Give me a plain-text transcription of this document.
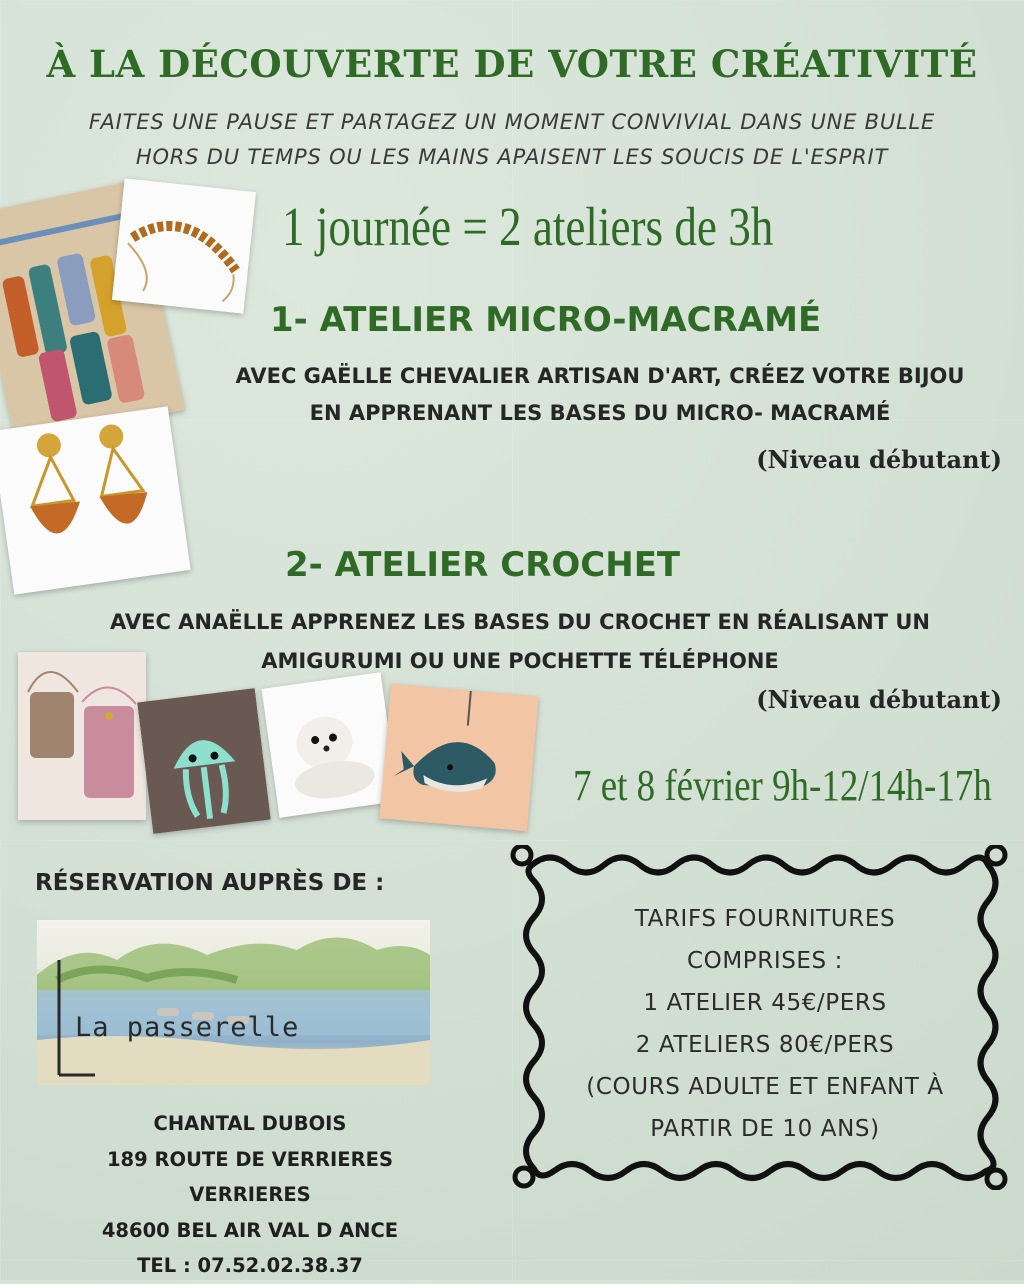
À LA DÉCOUVERTE DE VOTRE CRÉATIVITÉ
FAITES UNE PAUSE ET PARTAGEZ UN MOMENT CONVIVIAL DANS UNE BULLE
HORS DU TEMPS OU LES MAINS APAISENT LES SOUCIS DE L'ESPRIT
1 journée = 2 ateliers de 3h
1- ATELIER MICRO-MACRAMÉ
AVEC GAËLLE CHEVALIER ARTISAN D'ART, CRÉEZ VOTRE BIJOU
EN APPRENANT LES BASES DU MICRO- MACRAMÉ
(Niveau débutant)
2- ATELIER CROCHET
AVEC ANAËLLE APPRENEZ LES BASES DU CROCHET EN RÉALISANT UN
AMIGURUMI OU UNE POCHETTE TÉLÉPHONE
(Niveau débutant)
7 et 8 février 9h-12/14h-17h
RÉSERVATION AUPRÈS DE :
La passerelle
CHANTAL DUBOIS
189 ROUTE DE VERRIERES
VERRIERES
48600 BEL AIR VAL D ANCE
TEL : 07.52.02.38.37
TARIFS FOURNITURES
COMPRISES :
1 ATELIER 45€/PERS
2 ATELIERS 80€/PERS
(COURS ADULTE ET ENFANT À
PARTIR DE 10 ANS)
